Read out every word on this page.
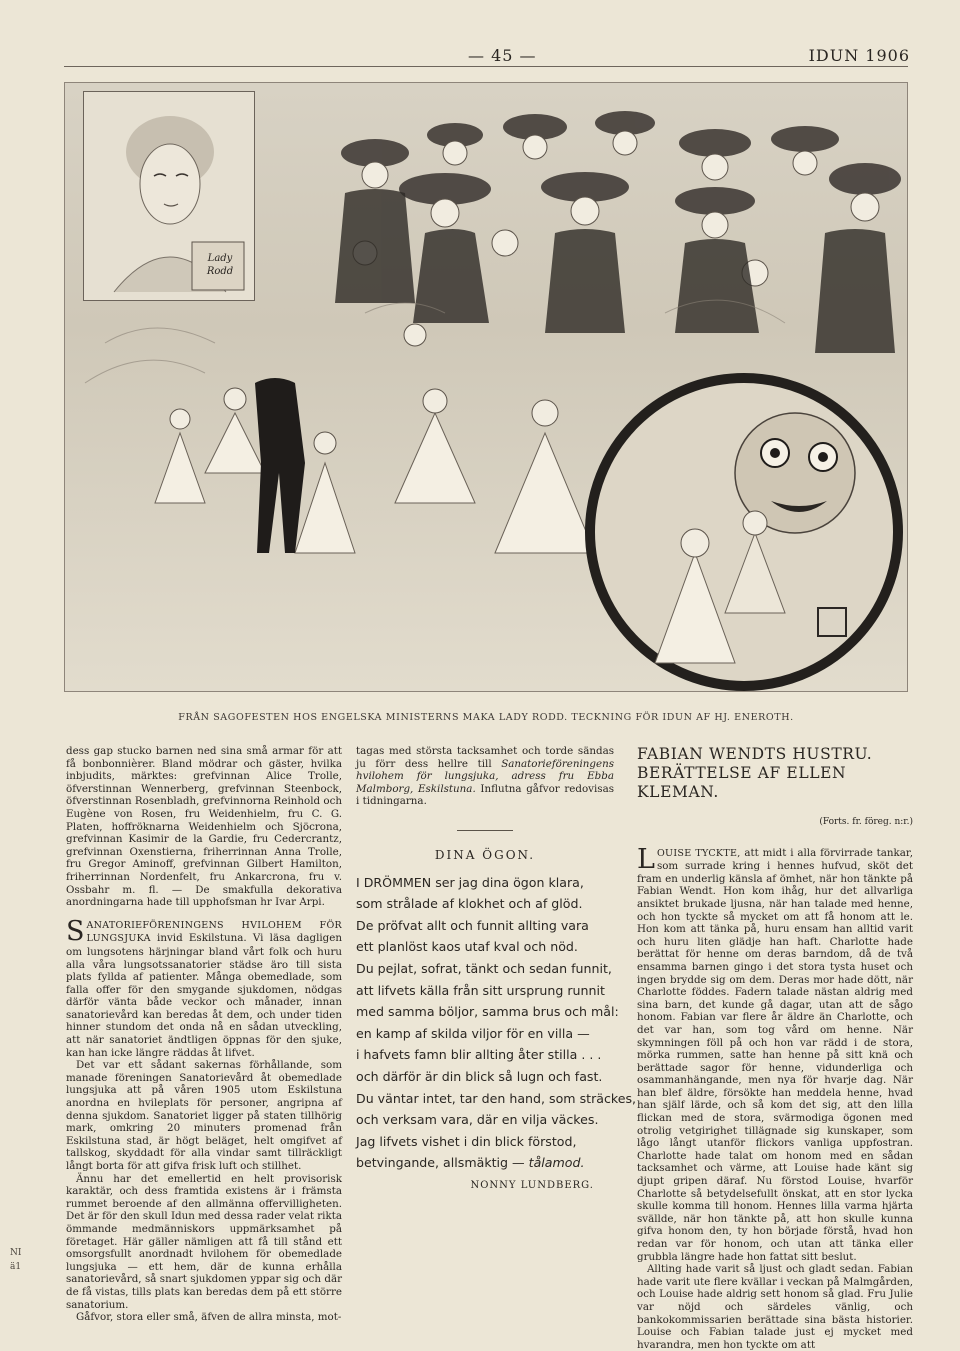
— 45 —	IDUN 1906
Lady Rodd
FRÅN SAGOFESTEN HOS ENGELSKA MINISTERNS MAKA LADY RODD. TECKNING FÖR IDUN AF HJ. ENEROTH.

dess gap stucko barnen ned sina små armar för att få bonbonnièrer. Bland mödrar och gäster, hvilka inbjudits, märktes: grefvinnan Alice Trolle, öfverstinnan Wennerberg, grefvinnan Steenbock, öfverstinnan Rosenbladh, grefvinnorna Reinhold och Eugène von Rosen, fru Weidenhielm, fru C. G. Platen, hoffröknarna Weidenhielm och Sjöcrona, grefvinnan Kasimir de la Gardie, fru Cedercrantz, grefvinnan Oxenstierna, friherrinnan Anna Trolle, fru Gregor Aminoff, grefvinnan Gilbert Hamilton, friherrinnan Nordenfelt, fru Ankarcrona, fru v. Ossbahr m. fl. — De smakfulla dekorativa anordningarna hade till upphofsman hr Ivar Arpi.

SANATORIEFÖRENINGENS HVILOHEM FÖR LUNGSJUKA invid Eskilstuna. Vi läsa dagligen om lungsotens härjningar bland vårt folk och huru alla våra lungsotssanatorier städse äro till sista plats fyllda af patienter. Många obemedlade, som falla offer för den smygande sjukdomen, nödgas därför vänta både veckor och månader, innan sanatorievård kan beredas åt dem, och under tiden hinner stundom det onda nå en sådan utveckling, att när sanatoriet ändtligen öppnas för den sjuke, kan han icke längre räddas åt lifvet.

Det var ett sådant sakernas förhållande, som manade föreningen Sanatorievård åt obemedlade lungsjuka att på våren 1905 utom Eskilstuna anordna en hvileplats för personer, angripna af denna sjukdom. Sanatoriet ligger på staten tillhörig mark, omkring 20 minuters promenad från Eskilstuna stad, är högt beläget, helt omgifvet af tallskog, skyddadt för alla vindar samt tillräckligt långt borta för att gifva frisk luft och stillhet.

Ännu har det emellertid en helt provisorisk karaktär, och dess framtida existens är i främsta rummet beroende af den allmänna offervilligheten. Det är för den skull Idun med dessa rader velat rikta ömmande medmänniskors uppmärksamhet på företaget. Här gäller nämligen att få till stånd ett omsorgsfullt anordnadt hvilohem för obemedlade lungsjuka — ett hem, där de kunna erhålla sanatorievård, så snart sjukdomen yppar sig och där de få vistas, tills plats kan beredas dem på ett större sanatorium.

Gåfvor, stora eller små, äfven de allra minsta, mot-

tagas med största tacksamhet och torde sändas ju förr dess hellre till Sanatorieföreningens hvilohem för lungsjuka, adress fru Ebba Malmborg, Eskilstuna. Influtna gåfvor redovisas i tidningarna.

DINA ÖGON.
I DRÖMMEN ser jag dina ögon klara,
som strålade af klokhet och af glöd.
De pröfvat allt och funnit allting vara
ett planlöst kaos utaf kval och nöd.
Du pejlat, sofrat, tänkt och sedan funnit,
att lifvets källa från sitt ursprung runnit
med samma böljor, samma brus och mål:
en kamp af skilda viljor för en villa —
i hafvets famn blir allting åter stilla . . .
och därför är din blick så lugn och fast.
Du väntar intet, tar den hand, som sträckes,
och verksam vara, där en vilja väckes.
Jag lifvets vishet i din blick förstod,
betvingande, allsmäktig — tålamod.
NONNY LUNDBERG.
FABIAN WENDTS HUSTRU. BERÄTTELSE AF ELLEN KLEMAN.
(Forts. fr. föreg. n:r.)

LOUISE TYCKTE, att midt i alla förvirrade tankar, som surrade kring i hennes hufvud, sköt det fram en underlig känsla af ömhet, när hon tänkte på Fabian Wendt. Hon kom ihåg, hur det allvarliga ansiktet brukade ljusna, när han talade med henne, och hon tyckte så mycket om att få honom att le. Hon kom att tänka på, huru ensam han alltid varit och huru liten glädje han haft. Charlotte hade berättat för henne om deras barndom, då de två ensamma barnen gingo i det stora tysta huset och ingen brydde sig om dem. Deras mor hade dött, när Charlotte föddes. Fadern talade nästan aldrig med sina barn, det kunde gå dagar, utan att de sågo honom. Fabian var flere år äldre än Charlotte, och det var han, som tog vård om henne. När skymningen föll på och hon var rädd i de stora, mörka rummen, satte han henne på sitt knä och berättade sagor för henne, vidunderliga och osammanhängande, men nya för hvarje dag. När han blef äldre, försökte han meddela henne, hvad han själf lärde, och så kom det sig, att den lilla flickan med de stora, svärmodiga ögonen med otrolig vetgirighet tillägnade sig kunskaper, som lågo långt utanför flickors vanliga uppfostran. Charlotte hade talat om honom med en sådan tacksamhet och värme, att Louise hade känt sig djupt gripen däraf. Nu förstod Louise, hvarför Charlotte så betydelsefullt önskat, att en stor lycka skulle komma till honom. Hennes lilla varma hjärta svällde, när hon tänkte på, att hon skulle kunna gifva honom den, ty hon började förstå, hvad hon redan var för honom, och utan att tänka eller grubbla längre hade hon fattat sitt beslut.

Allting hade varit så ljust och gladt sedan. Fabian hade varit ute flere kvällar i veckan på Malmgården, och Louise hade aldrig sett honom så glad. Fru Julie var nöjd och särdeles vänlig, och bankokommissarien berättade sina bästa historier. Louise och Fabian talade just ej mycket med hvarandra, men hon tyckte om att

NI
ä1
